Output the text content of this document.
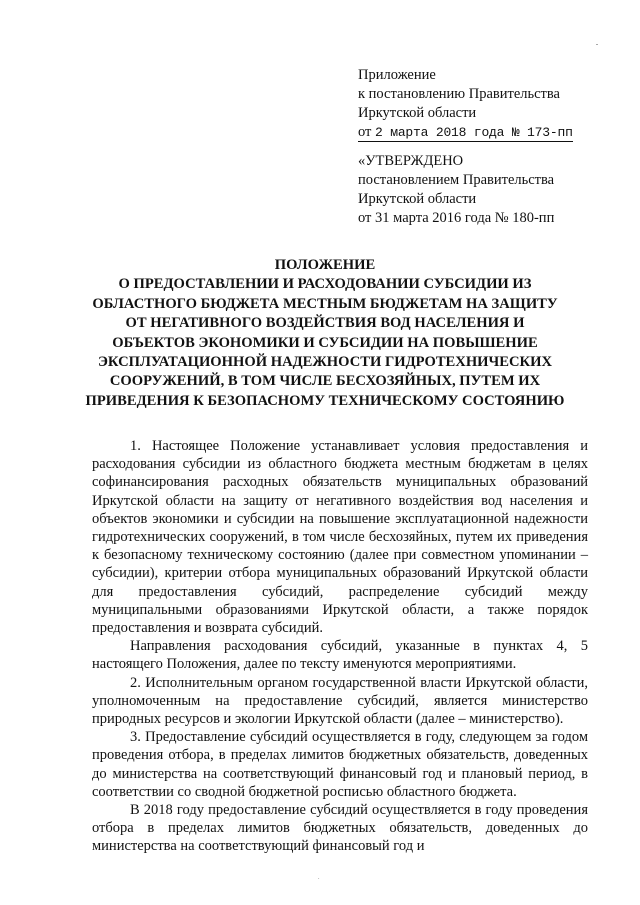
.
Приложение
к постановлению Правительства
Иркутской области
от 2 марта 2018 года № 173-пп
«УТВЕРЖДЕНО
постановлением Правительства
Иркутской области
от 31 марта 2016 года № 180-пп
ПОЛОЖЕНИЕ
О ПРЕДОСТАВЛЕНИИ И РАСХОДОВАНИИ СУБСИДИИ ИЗ
ОБЛАСТНОГО БЮДЖЕТА МЕСТНЫМ БЮДЖЕТАМ НА ЗАЩИТУ
ОТ НЕГАТИВНОГО ВОЗДЕЙСТВИЯ ВОД НАСЕЛЕНИЯ И
ОБЪЕКТОВ ЭКОНОМИКИ И СУБСИДИИ НА ПОВЫШЕНИЕ
ЭКСПЛУАТАЦИОННОЙ НАДЕЖНОСТИ ГИДРОТЕХНИЧЕСКИХ
СООРУЖЕНИЙ, В ТОМ ЧИСЛЕ БЕСХОЗЯЙНЫХ, ПУТЕМ ИХ
ПРИВЕДЕНИЯ К БЕЗОПАСНОМУ ТЕХНИЧЕСКОМУ СОСТОЯНИЮ

1. Настоящее Положение устанавливает условия предоставления и расходования субсидии из областного бюджета местным бюджетам в целях софинансирования расходных обязательств муниципальных образований Иркутской области на защиту от негативного воздействия вод населения и объектов экономики и субсидии на повышение эксплуатационной надежности гидротехнических сооружений, в том числе бесхозяйных, путем их приведения к безопасному техническому состоянию (далее при совместном упоминании – субсидии), критерии отбора муниципальных образований Иркутской области для предоставления субсидий, распределение субсидий между муниципальными образованиями Иркутской области, а также порядок предоставления и возврата субсидий.

Направления расходования субсидий, указанные в пунктах 4, 5 настоящего Положения, далее по тексту именуются мероприятиями.

2. Исполнительным органом государственной власти Иркутской области, уполномоченным на предоставление субсидий, является министерство природных ресурсов и экологии Иркутской области (далее – министерство).

3. Предоставление субсидий осуществляется в году, следующем за годом проведения отбора, в пределах лимитов бюджетных обязательств, доведенных до министерства на соответствующий финансовый год и плановый период, в соответствии со сводной бюджетной росписью областного бюджета.

В 2018 году предоставление субсидий осуществляется в году проведения отбора в пределах лимитов бюджетных обязательств, доведенных до министерства на соответствующий финансовый год и

.
